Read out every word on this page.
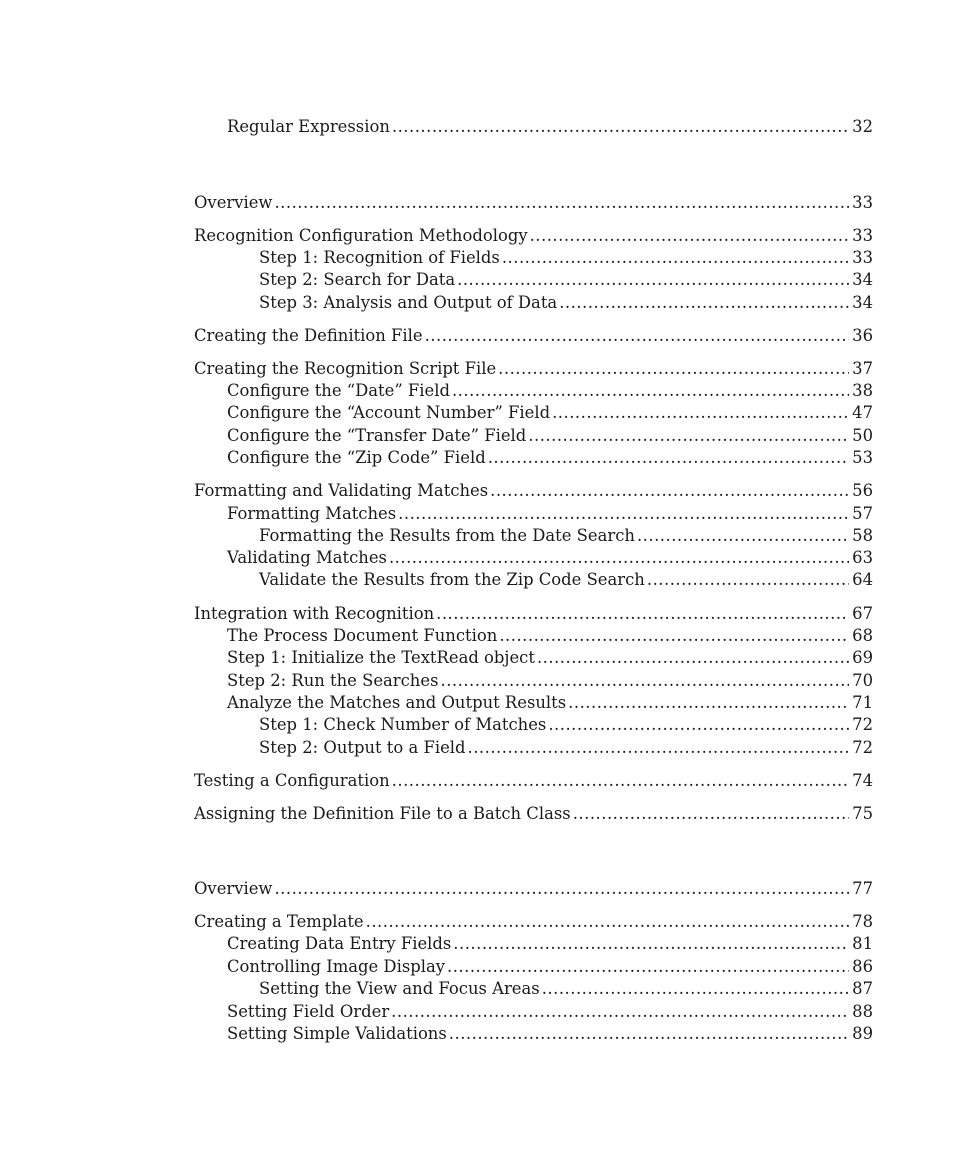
Regular Expression .....	32
Overview .....	33
Recognition Configuration Methodology .....	33
Step 1: Recognition of Fields .....	33
Step 2: Search for Data .....	34
Step 3: Analysis and Output of Data .....	34
Creating the Definition File .....	36
Creating the Recognition Script File .....	37
Configure the “Date” Field .....	38
Configure the “Account Number” Field .....	47
Configure the “Transfer Date” Field .....	50
Configure the “Zip Code” Field .....	53
Formatting and Validating Matches .....	56
Formatting Matches .....	57
Formatting the Results from the Date Search .....	58
Validating Matches .....	63
Validate the Results from the Zip Code Search .....	64
Integration with Recognition .....	67
The Process Document Function .....	68
Step 1: Initialize the TextRead object .....	69
Step 2: Run the Searches .....	70
Analyze the Matches and Output Results .....	71
Step 1: Check Number of Matches .....	72
Step 2: Output to a Field .....	72
Testing a Configuration .....	74
Assigning the Definition File to a Batch Class .....	75
Overview .....	77
Creating a Template .....	78
Creating Data Entry Fields .....	81
Controlling Image Display .....	86
Setting the View and Focus Areas .....	87
Setting Field Order .....	88
Setting Simple Validations .....	89
